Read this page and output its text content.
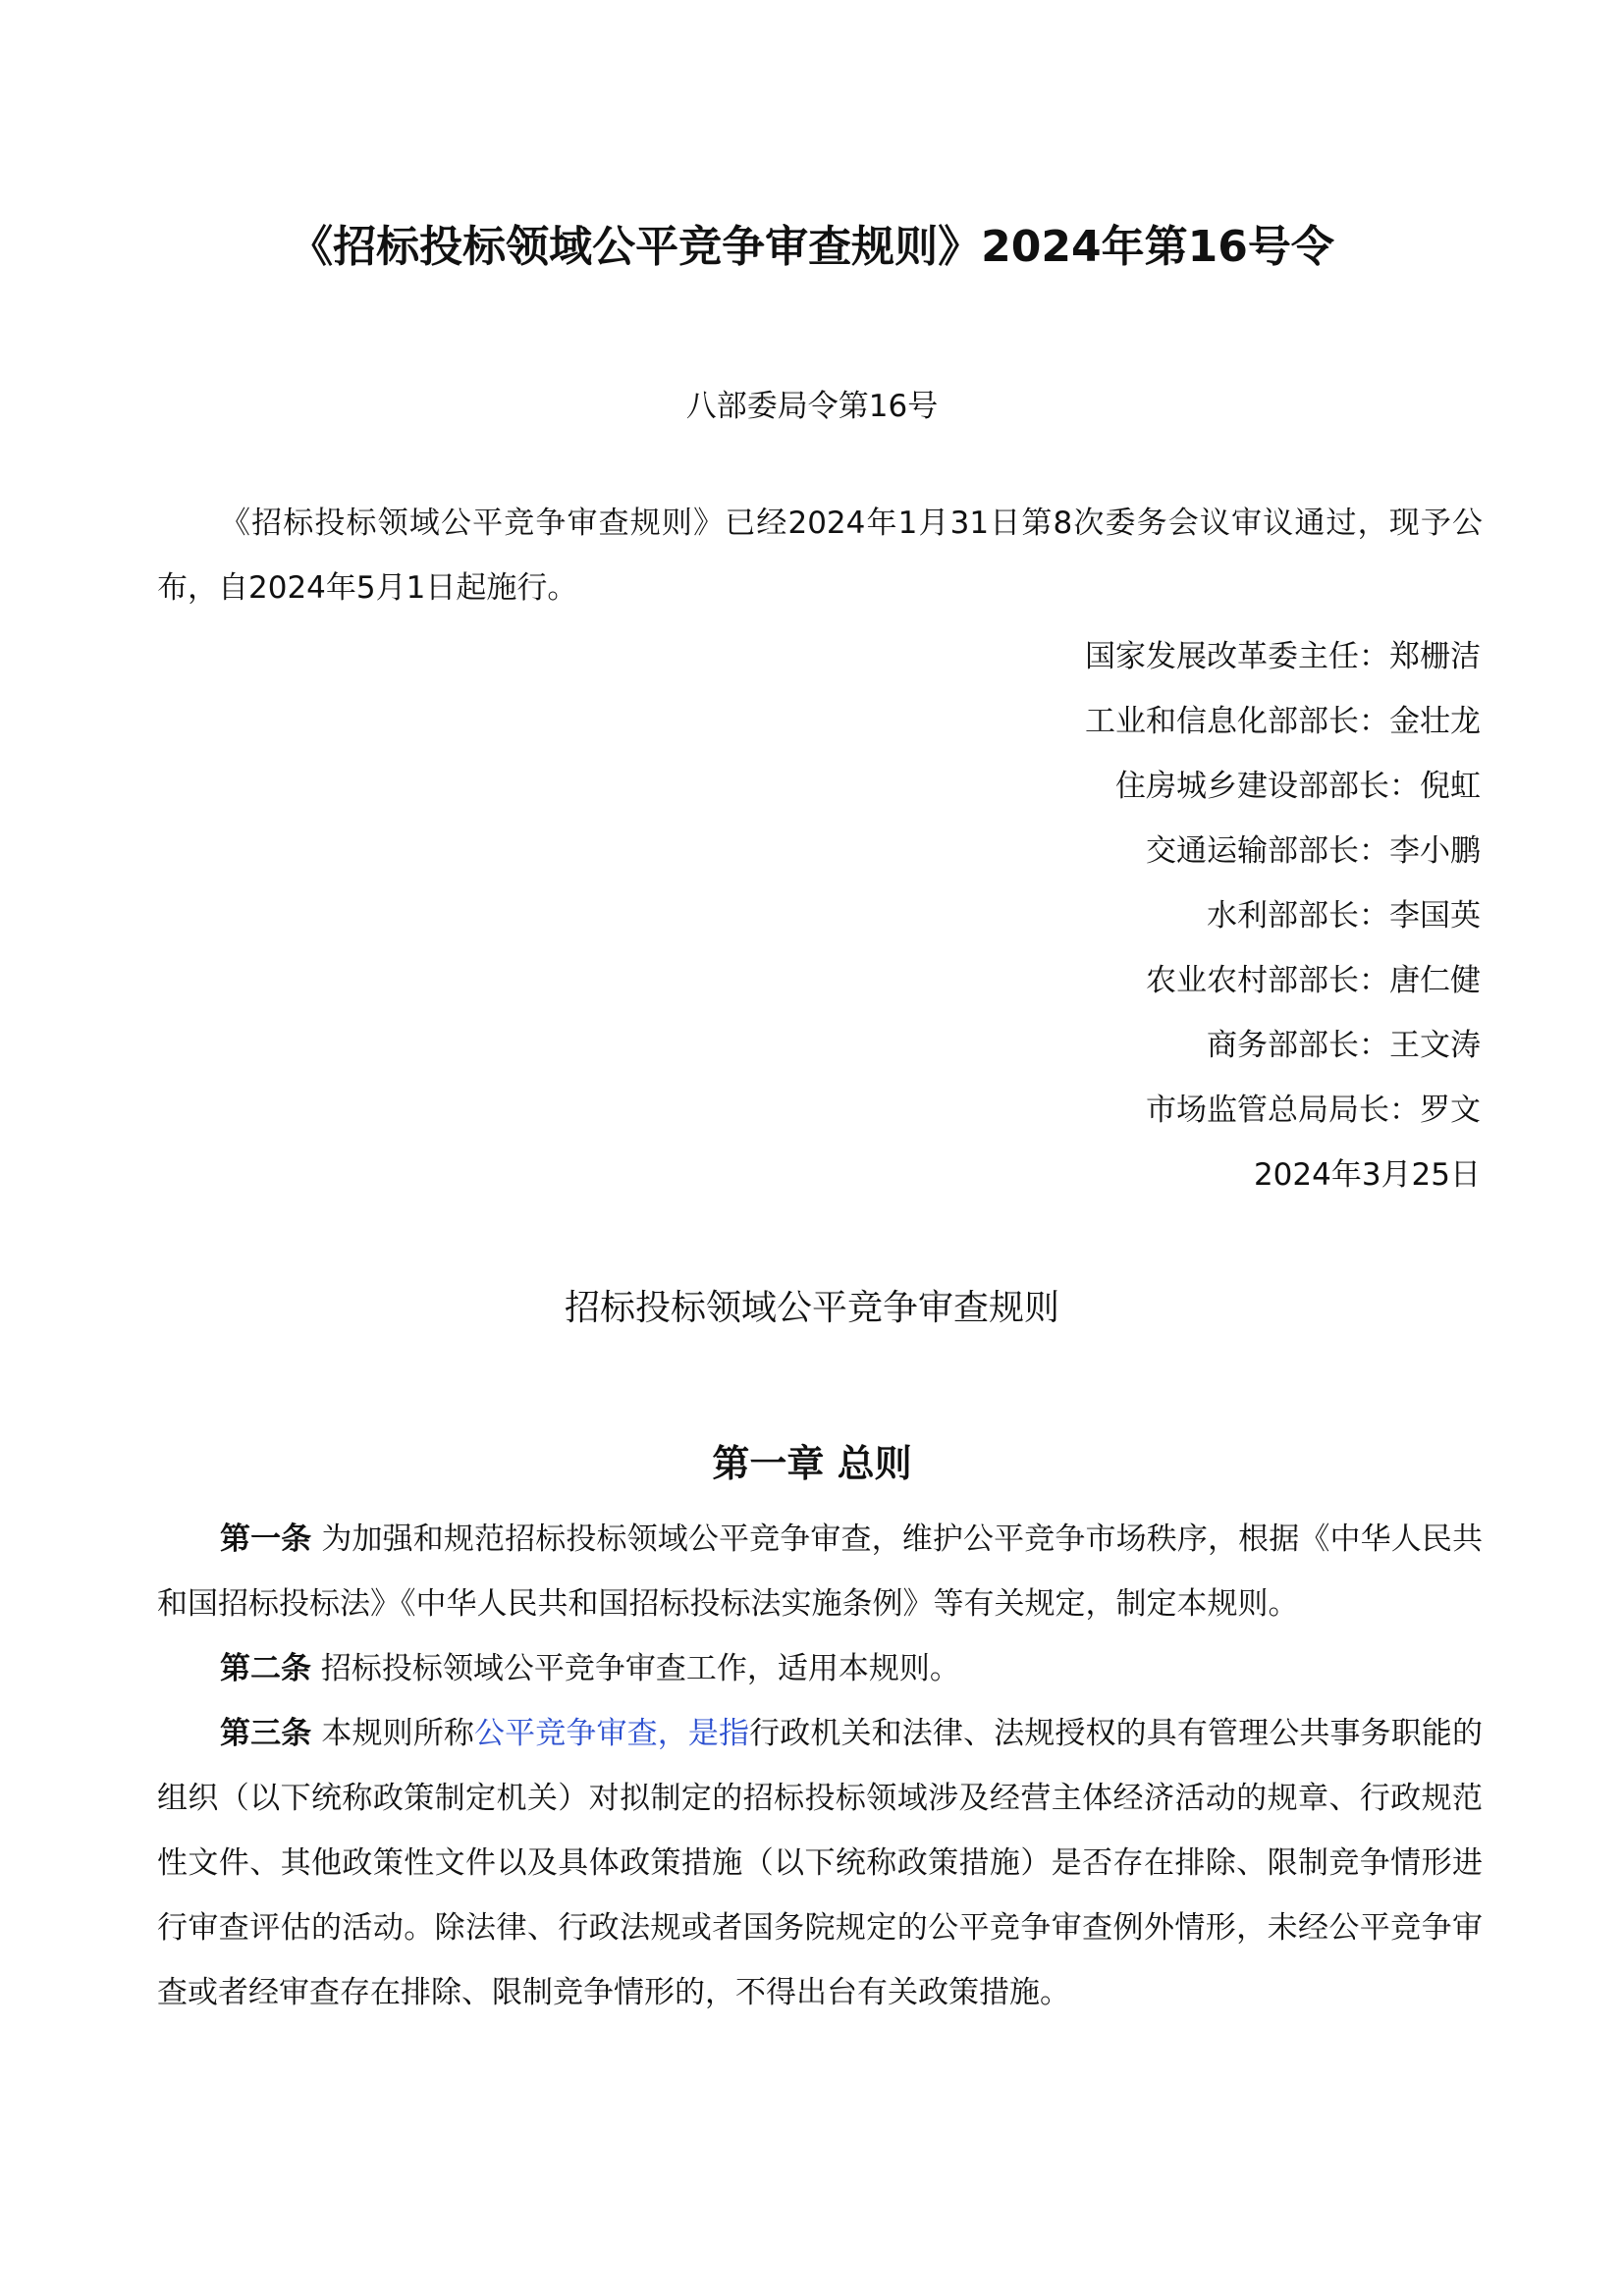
《招标投标领域公平竞争审查规则》2024年第16号令
八部委局令第16号

《招标投标领域公平竞争审查规则》已经2024年1月31日第8次委务会议审议通过，现予公布，自2024年5月1日起施行。

国家发展改革委主任：郑栅洁
工业和信息化部部长：金壮龙
住房城乡建设部部长：倪虹
交通运输部部长：李小鹏
水利部部长：李国英
农业农村部部长：唐仁健
商务部部长：王文涛
市场监管总局局长：罗文
2024年3月25日
招标投标领域公平竞争审查规则
第一章 总则

第一条 为加强和规范招标投标领域公平竞争审查，维护公平竞争市场秩序，根据《中华人民共和国招标投标法》《中华人民共和国招标投标法实施条例》等有关规定，制定本规则。

第二条 招标投标领域公平竞争审查工作，适用本规则。

第三条 本规则所称公平竞争审查，是指行政机关和法律、法规授权的具有管理公共事务职能的组织（以下统称政策制定机关）对拟制定的招标投标领域涉及经营主体经济活动的规章、行政规范性文件、其他政策性文件以及具体政策措施（以下统称政策措施）是否存在排除、限制竞争情形进行审查评估的活动。除法律、行政法规或者国务院规定的公平竞争审查例外情形，未经公平竞争审查或者经审查存在排除、限制竞争情形的，不得出台有关政策措施。
